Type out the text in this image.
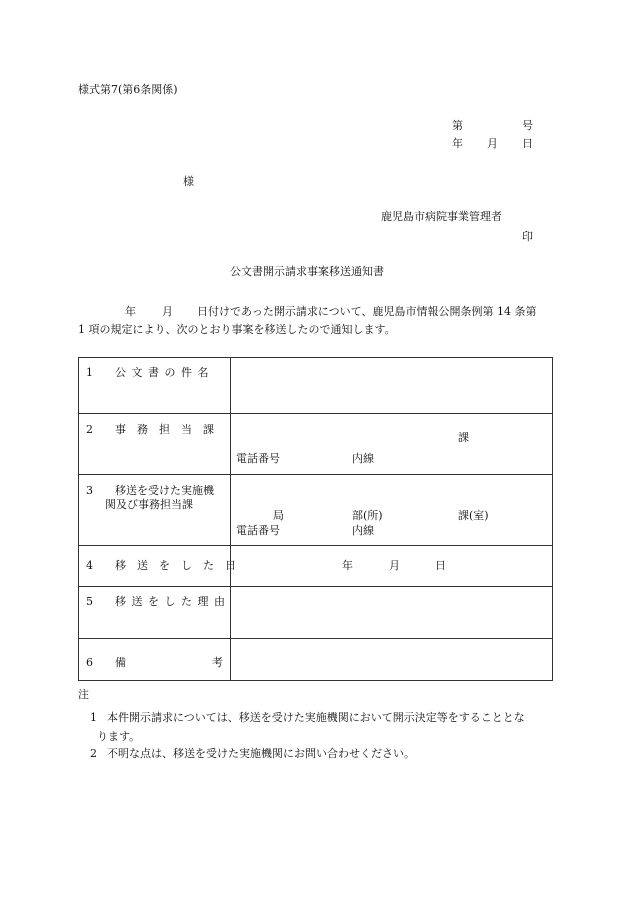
様式第7(第6条関係)
第	号
年 月 日
様
鹿児島市病院事業管理者
印
公文書開示請求事案移送通知書
年 月 日付けであった開示請求について、鹿児島市情報公開条例第 14 条第
1 項の規定により、次のとおり事案を移送したので通知します。
1 公 文 書 の 件 名
2 事　務　担　当　課
課
電話番号	内線
3 移送を受けた実施機
関及び事務担当課
局	部(所)	課(室)
電話番号	内線
4 移　送　を　し　た　日	年	月	日
5 移 送 を し た 理 由
6 備	考
注
1 本件開示請求については、移送を受けた実施機関において開示決定等をすることとな
ります。
2 不明な点は、移送を受けた実施機関にお問い合わせください。
